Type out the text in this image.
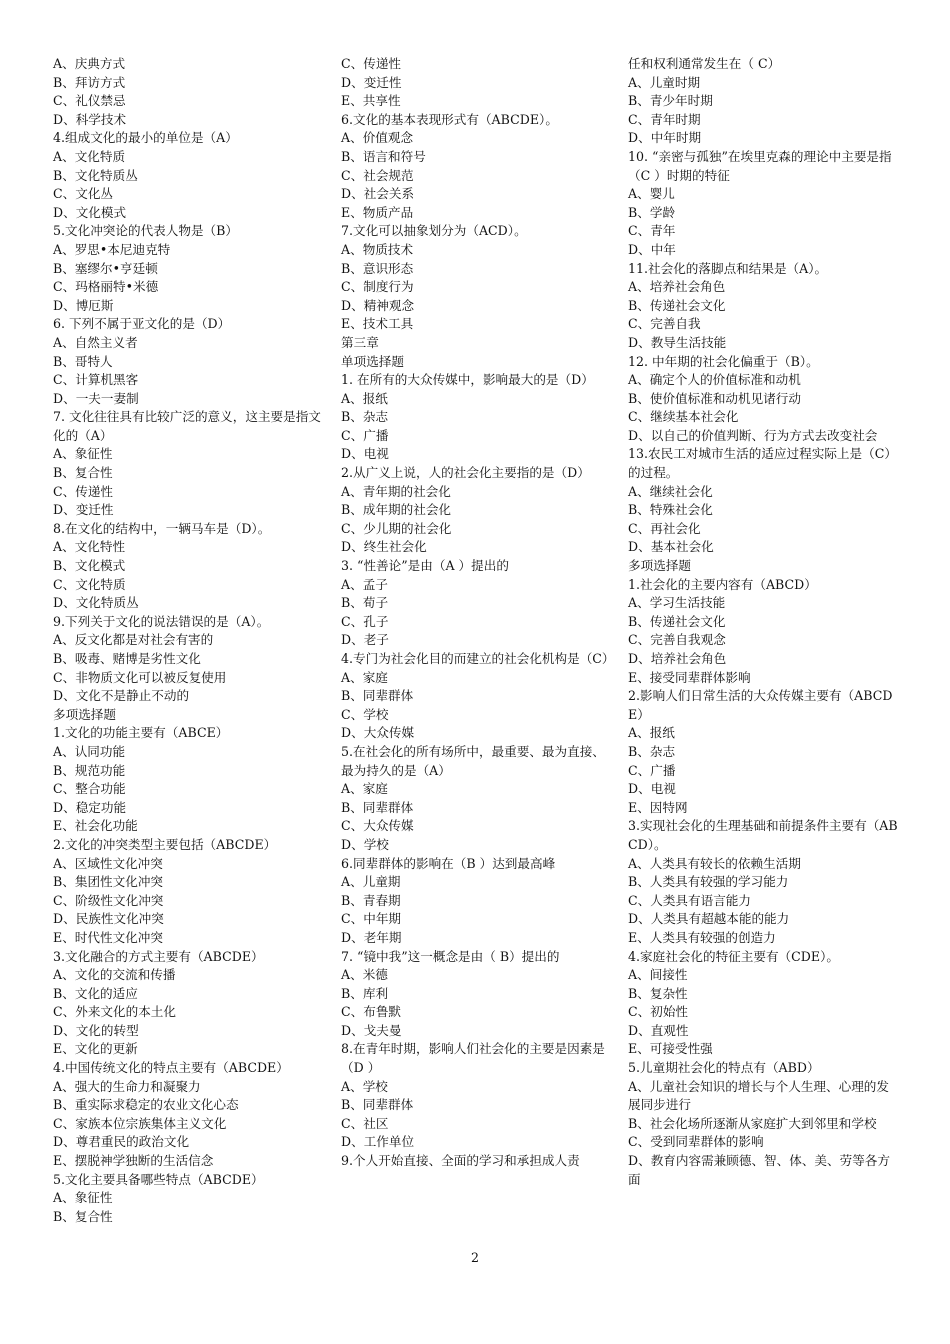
A、庆典方式
B、拜访方式
C、礼仪禁忌
D、科学技术
4.组成文化的最小的单位是（A）
A、文化特质
B、文化特质丛
C、文化丛
D、文化模式
5.文化冲突论的代表人物是（B）
A、罗思•本尼迪克特
B、塞缪尔•亨廷顿
C、玛格丽特•米德
D、博厄斯
6. 下列不属于亚文化的是（D）
A、自然主义者
B、哥特人
C、计算机黑客
D、一夫一妻制
7. 文化往往具有比较广泛的意义，这主要是指文化的（A）
A、象征性
B、复合性
C、传递性
D、变迁性
8.在文化的结构中，一辆马车是（D）。
A、文化特性
B、文化模式
C、文化特质
D、文化特质丛
9.下列关于文化的说法错误的是（A）。
A、反文化都是对社会有害的
B、吸毒、赌博是劣性文化
C、非物质文化可以被反复使用
D、文化不是静止不动的
多项选择题
1.文化的功能主要有（ABCE）
A、认同功能
B、规范功能
C、整合功能
D、稳定功能
E、社会化功能
2.文化的冲突类型主要包括（ABCDE）
A、区域性文化冲突
B、集团性文化冲突
C、阶级性文化冲突
D、民族性文化冲突
E、时代性文化冲突
3.文化融合的方式主要有（ABCDE）
A、文化的交流和传播
B、文化的适应
C、外来文化的本土化
D、文化的转型
E、文化的更新
4.中国传统文化的特点主要有（ABCDE）
A、强大的生命力和凝聚力
B、重实际求稳定的农业文化心态
C、家族本位宗族集体主义文化
D、尊君重民的政治文化
E、摆脱神学独断的生活信念
5.文化主要具备哪些特点（ABCDE）
A、象征性
B、复合性
C、传递性
D、变迁性
E、共享性
6.文化的基本表现形式有（ABCDE）。
A、价值观念
B、语言和符号
C、社会规范
D、社会关系
E、物质产品
7.文化可以抽象划分为（ACD）。
A、物质技术
B、意识形态
C、制度行为
D、精神观念
E、技术工具
第三章
单项选择题
1. 在所有的大众传媒中，影响最大的是（D）
A、报纸
B、杂志
C、广播
D、电视
2.从广义上说，人的社会化主要指的是（D）
A、青年期的社会化
B、成年期的社会化
C、少儿期的社会化
D、终生社会化
3. “性善论”是由（A ）提出的
A、孟子
B、荀子
C、孔子
D、老子
4.专门为社会化目的而建立的社会化机构是（C）
A、家庭
B、同辈群体
C、学校
D、大众传媒
5.在社会化的所有场所中，最重要、最为直接、最为持久的是（A）
A、家庭
B、同辈群体
C、大众传媒
D、学校
6.同辈群体的影响在（B ）达到最高峰
A、儿童期
B、青春期
C、中年期
D、老年期
7. “镜中我”这一概念是由（ B）提出的
A、米德
B、库利
C、布鲁默
D、戈夫曼
8.在青年时期，影响人们社会化的主要是因素是（D ）
A、学校
B、同辈群体
C、社区
D、工作单位
9.个人开始直接、全面的学习和承担成人责
任和权利通常发生在（ C）
A、儿童时期
B、青少年时期
C、青年时期
D、中年时期
10. “亲密与孤独”在埃里克森的理论中主要是指（C ）时期的特征
A、婴儿
B、学龄
C、青年
D、中年
11.社会化的落脚点和结果是（A）。
A、培养社会角色
B、传递社会文化
C、完善自我
D、教导生活技能
12. 中年期的社会化偏重于（B）。
A、确定个人的价值标准和动机
B、使价值标准和动机见诸行动
C、继续基本社会化
D、以自己的价值判断、行为方式去改变社会
13.农民工对城市生活的适应过程实际上是（C）的过程。
A、继续社会化
B、特殊社会化
C、再社会化
D、基本社会化
多项选择题
1.社会化的主要内容有（ABCD）
A、学习生活技能
B、传递社会文化
C、完善自我观念
D、培养社会角色
E、接受同辈群体影响
2.影响人们日常生活的大众传媒主要有（ABCDE）
A、报纸
B、杂志
C、广播
D、电视
E、因特网
3.实现社会化的生理基础和前提条件主要有（ABCD）。
A、人类具有较长的依赖生活期
B、人类具有较强的学习能力
C、人类具有语言能力
D、人类具有超越本能的能力
E、人类具有较强的创造力
4.家庭社会化的特征主要有（CDE）。
A、间接性
B、复杂性
C、初始性
D、直观性
E、可接受性强
5.儿童期社会化的特点有（ABD）
A、儿童社会知识的增长与个人生理、心理的发展同步进行
B、社会化场所逐渐从家庭扩大到邻里和学校
C、受到同辈群体的影响
D、教育内容需兼顾德、智、体、美、劳等各方面
2
